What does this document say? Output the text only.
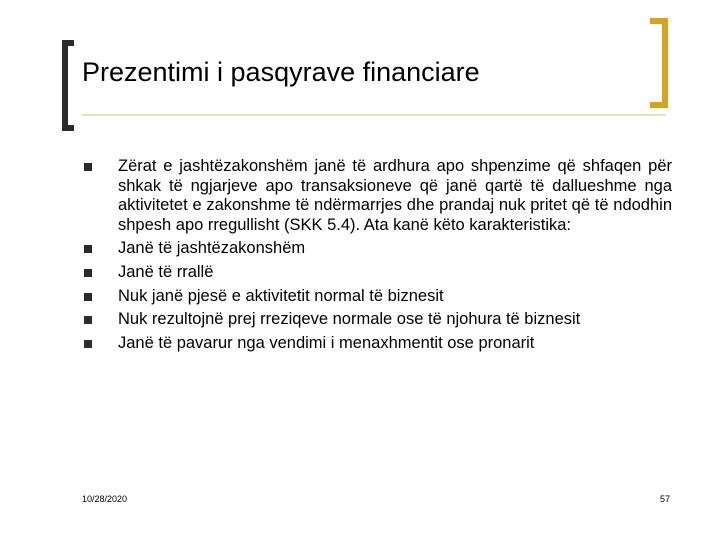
Prezentimi i pasqyrave financiare
Zërat e jashtëzakonshëm janë të ardhura apo shpenzime që shfaqen për shkak të ngjarjeve apo transaksioneve që janë qartë të dallueshme nga aktivitetet e zakonshme të ndërmarrjes dhe prandaj nuk pritet që të ndodhin shpesh apo rregullisht (SKK 5.4). Ata kanë këto karakteristika:
Janë të jashtëzakonshëm
Janë të rrallë
Nuk janë pjesë e aktivitetit normal të biznesit
Nuk rezultojnë prej rreziqeve normale ose të njohura të biznesit
Janë të pavarur nga vendimi i menaxhmentit ose pronarit
10/28/2020	57
